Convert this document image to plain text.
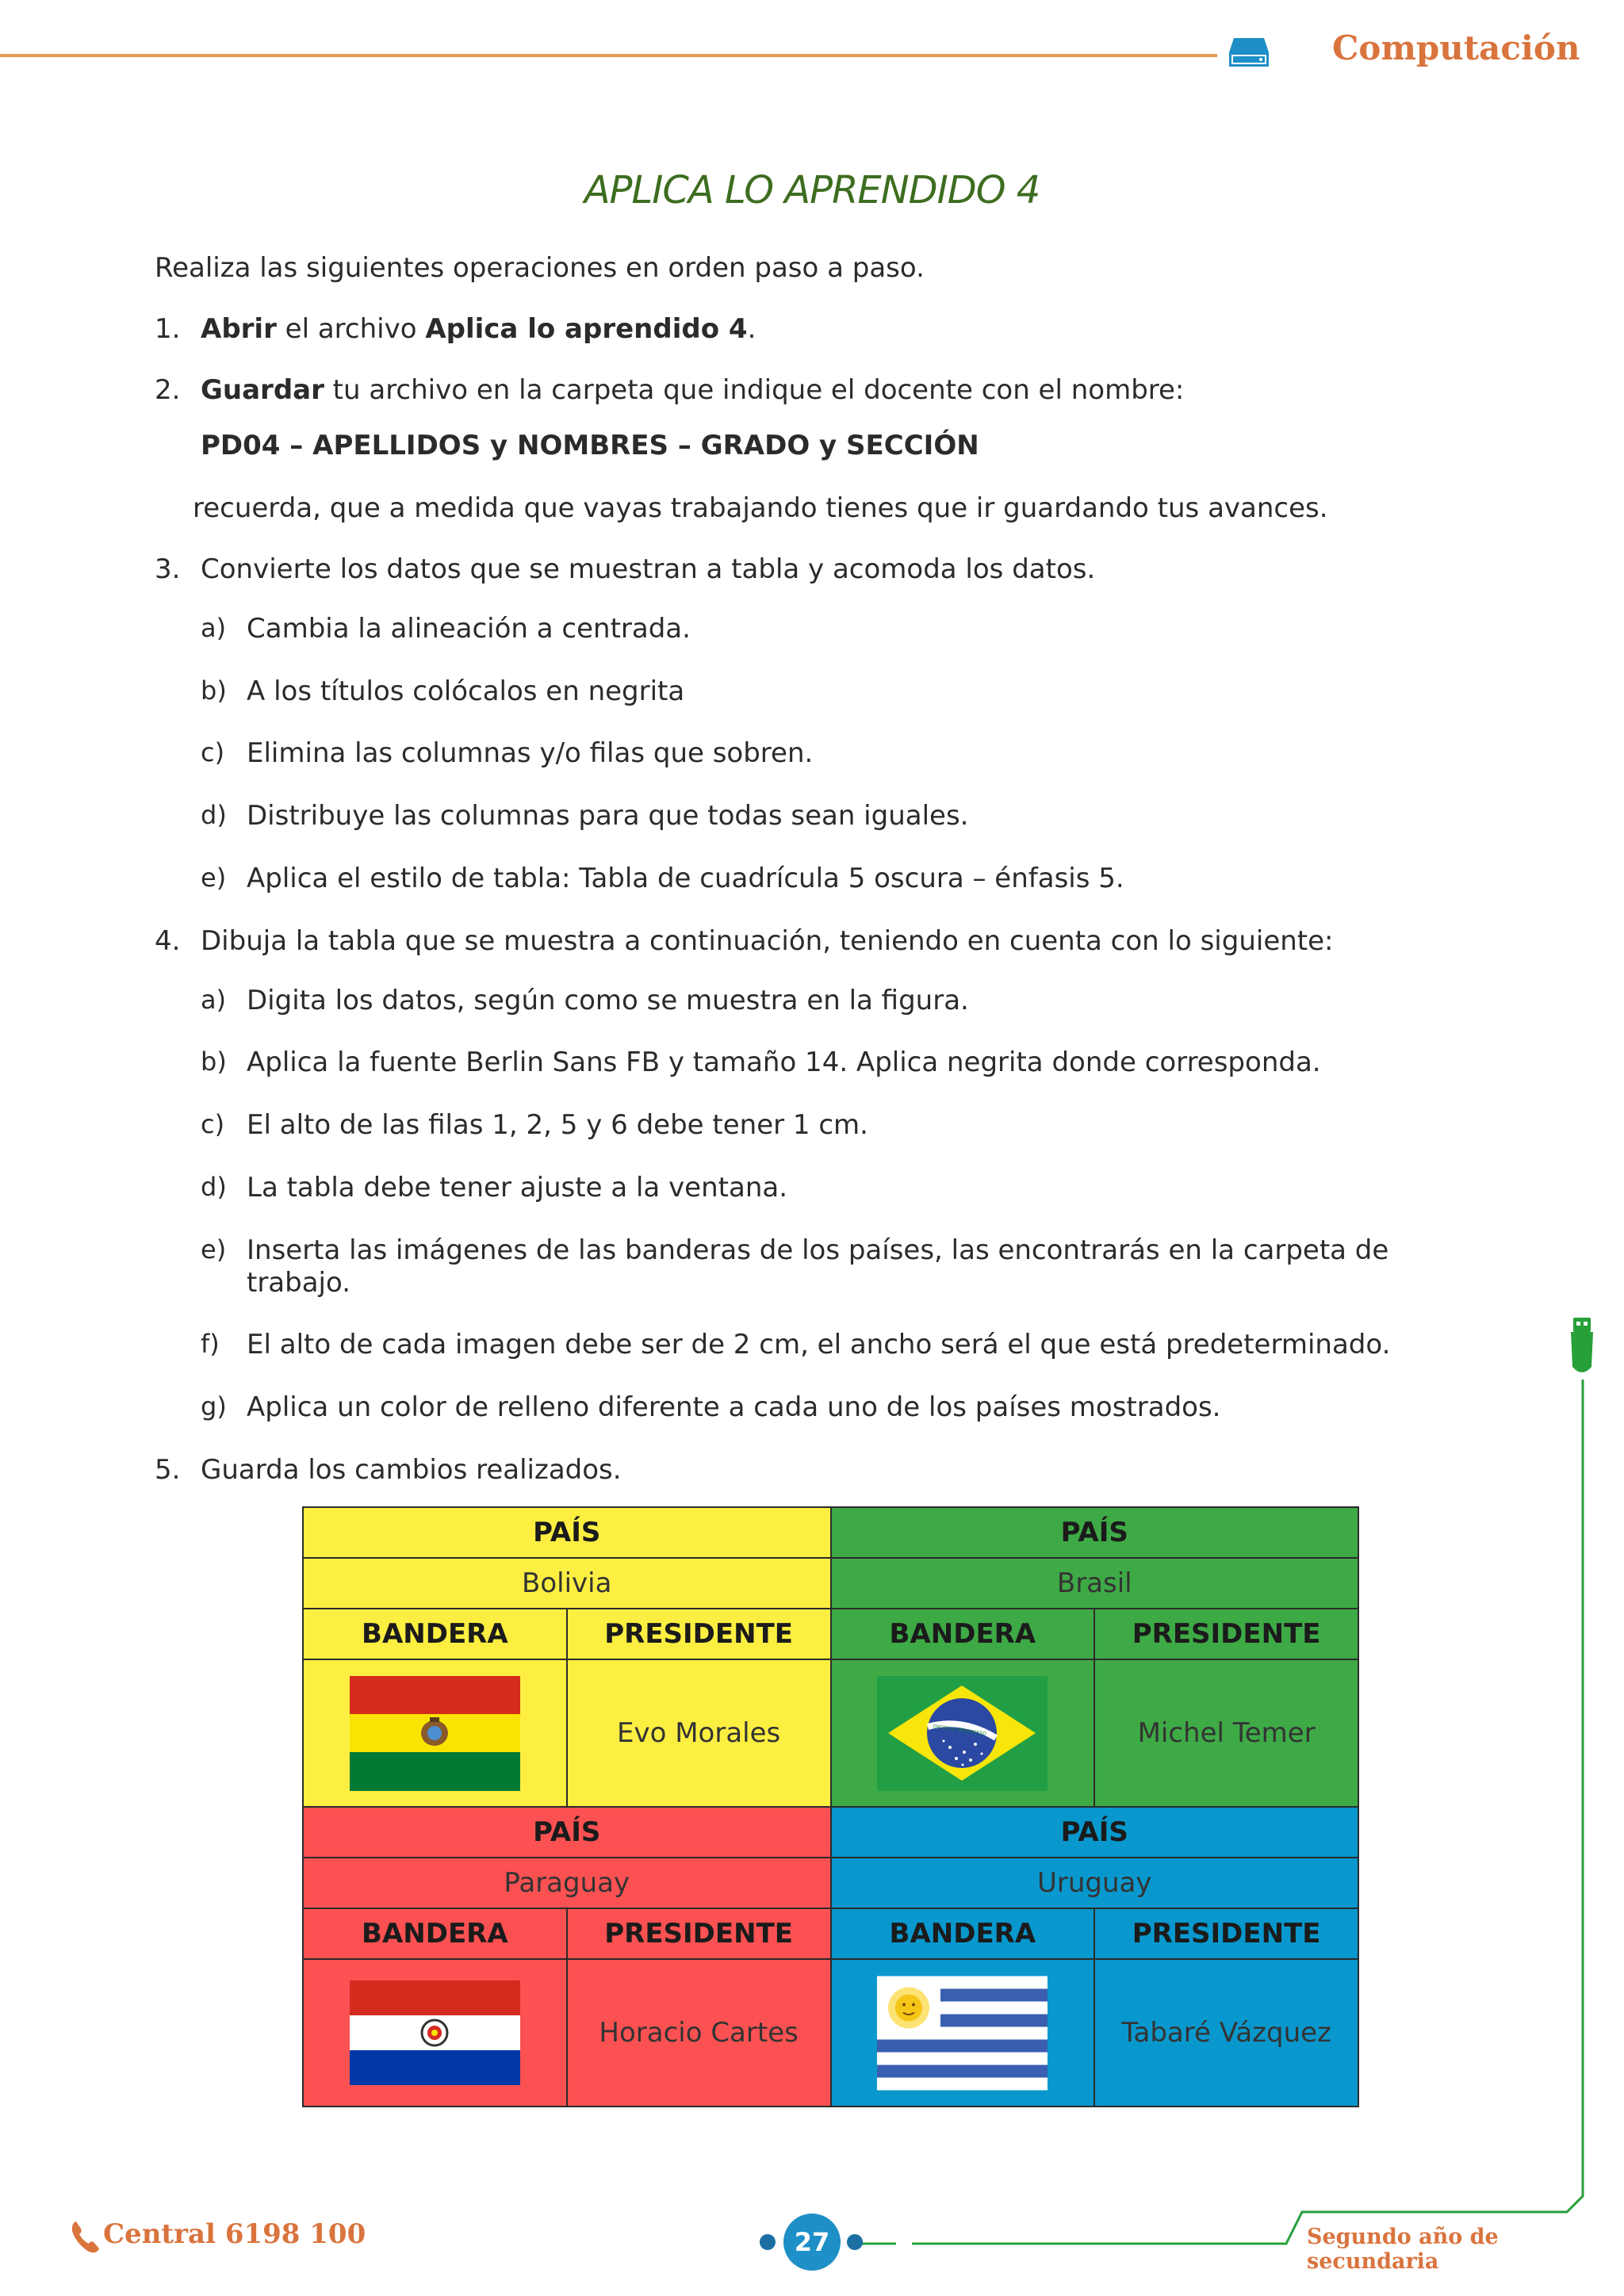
Computación
APLICA LO APRENDIDO 4

Realiza las siguientes operaciones en orden paso a paso.

1. Abrir el archivo Aplica lo aprendido 4.
2. Guardar tu archivo en la carpeta que indique el docente con el nombre:

PD04 – APELLIDOS y NOMBRES – GRADO y SECCIÓN

recuerda, que a medida que vayas trabajando tienes que ir guardando tus avances.

3. Convierte los datos que se muestran a tabla y acomoda los datos.
a) Cambia la alineación a centrada.
b) A los títulos colócalos en negrita
c) Elimina las columnas y/o filas que sobren.
d) Distribuye las columnas para que todas sean iguales.
e) Aplica el estilo de tabla: Tabla de cuadrícula 5 oscura – énfasis 5.
4. Dibuja la tabla que se muestra a continuación, teniendo en cuenta con lo siguiente:
a) Digita los datos, según como se muestra en la figura.
b) Aplica la fuente Berlin Sans FB y tamaño 14. Aplica negrita donde corresponda.
c) El alto de las filas 1, 2, 5 y 6 debe tener 1 cm.
d) La tabla debe tener ajuste a la ventana.
e) Inserta las imágenes de las banderas de los países, las encontrarás en la carpeta de trabajo.
f)	El alto de cada imagen debe ser de 2 cm, el ancho será el que está predeterminado.
g) Aplica un color de relleno diferente a cada uno de los países mostrados.
5. Guarda los cambios realizados.
PAÍS		PAÍS	
Bolivia		Brasil	
BANDERA	PRESIDENTE	BANDERA	PRESIDENTE

	Evo Morales	ORDEM E PROGRESSO	Michel Temer
PAÍS		PAÍS	
Paraguay		Uruguay	
BANDERA	PRESIDENTE	BANDERA	PRESIDENTE

	Horacio Cartes		Tabaré Vázquez
Central 6198 100	27	Segundo año de secundaria
